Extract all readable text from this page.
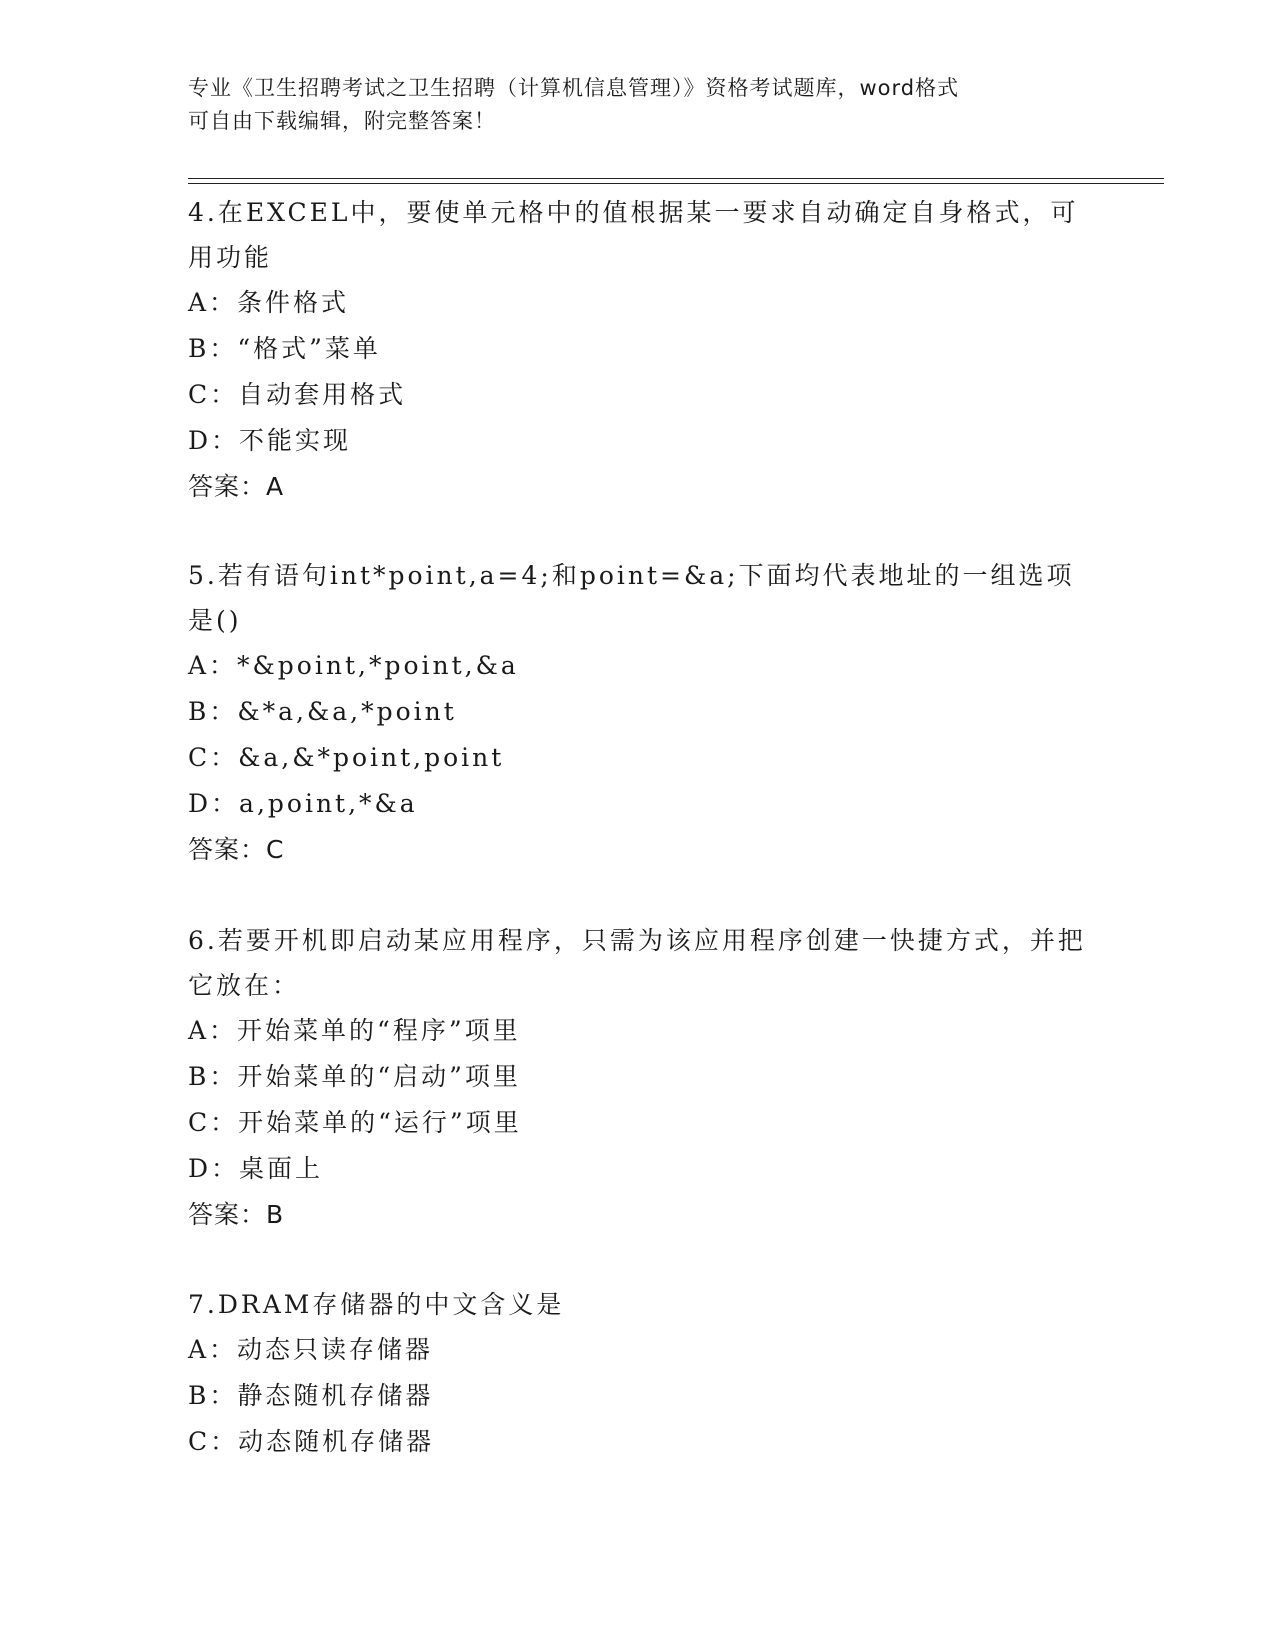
专业《卫生招聘考试之卫生招聘（计算机信息管理）》资格考试题库，word格式
可自由下载编辑，附完整答案！
4.在EXCEL中，要使单元格中的值根据某一要求自动确定自身格式，可用功能
A：条件格式
B：“格式”菜单
C：自动套用格式
D：不能实现
答案：A
5.若有语句int*point,a=4;和point=&a;下面均代表地址的一组选项是()
A：*&point,*point,&a
B：&*a,&a,*point
C：&a,&*point,point
D：a,point,*&a
答案：C
6.若要开机即启动某应用程序，只需为该应用程序创建一快捷方式，并把它放在：
A：开始菜单的“程序”项里
B：开始菜单的“启动”项里
C：开始菜单的“运行”项里
D：桌面上
答案：B
7.DRAM存储器的中文含义是
A：动态只读存储器
B：静态随机存储器
C：动态随机存储器
